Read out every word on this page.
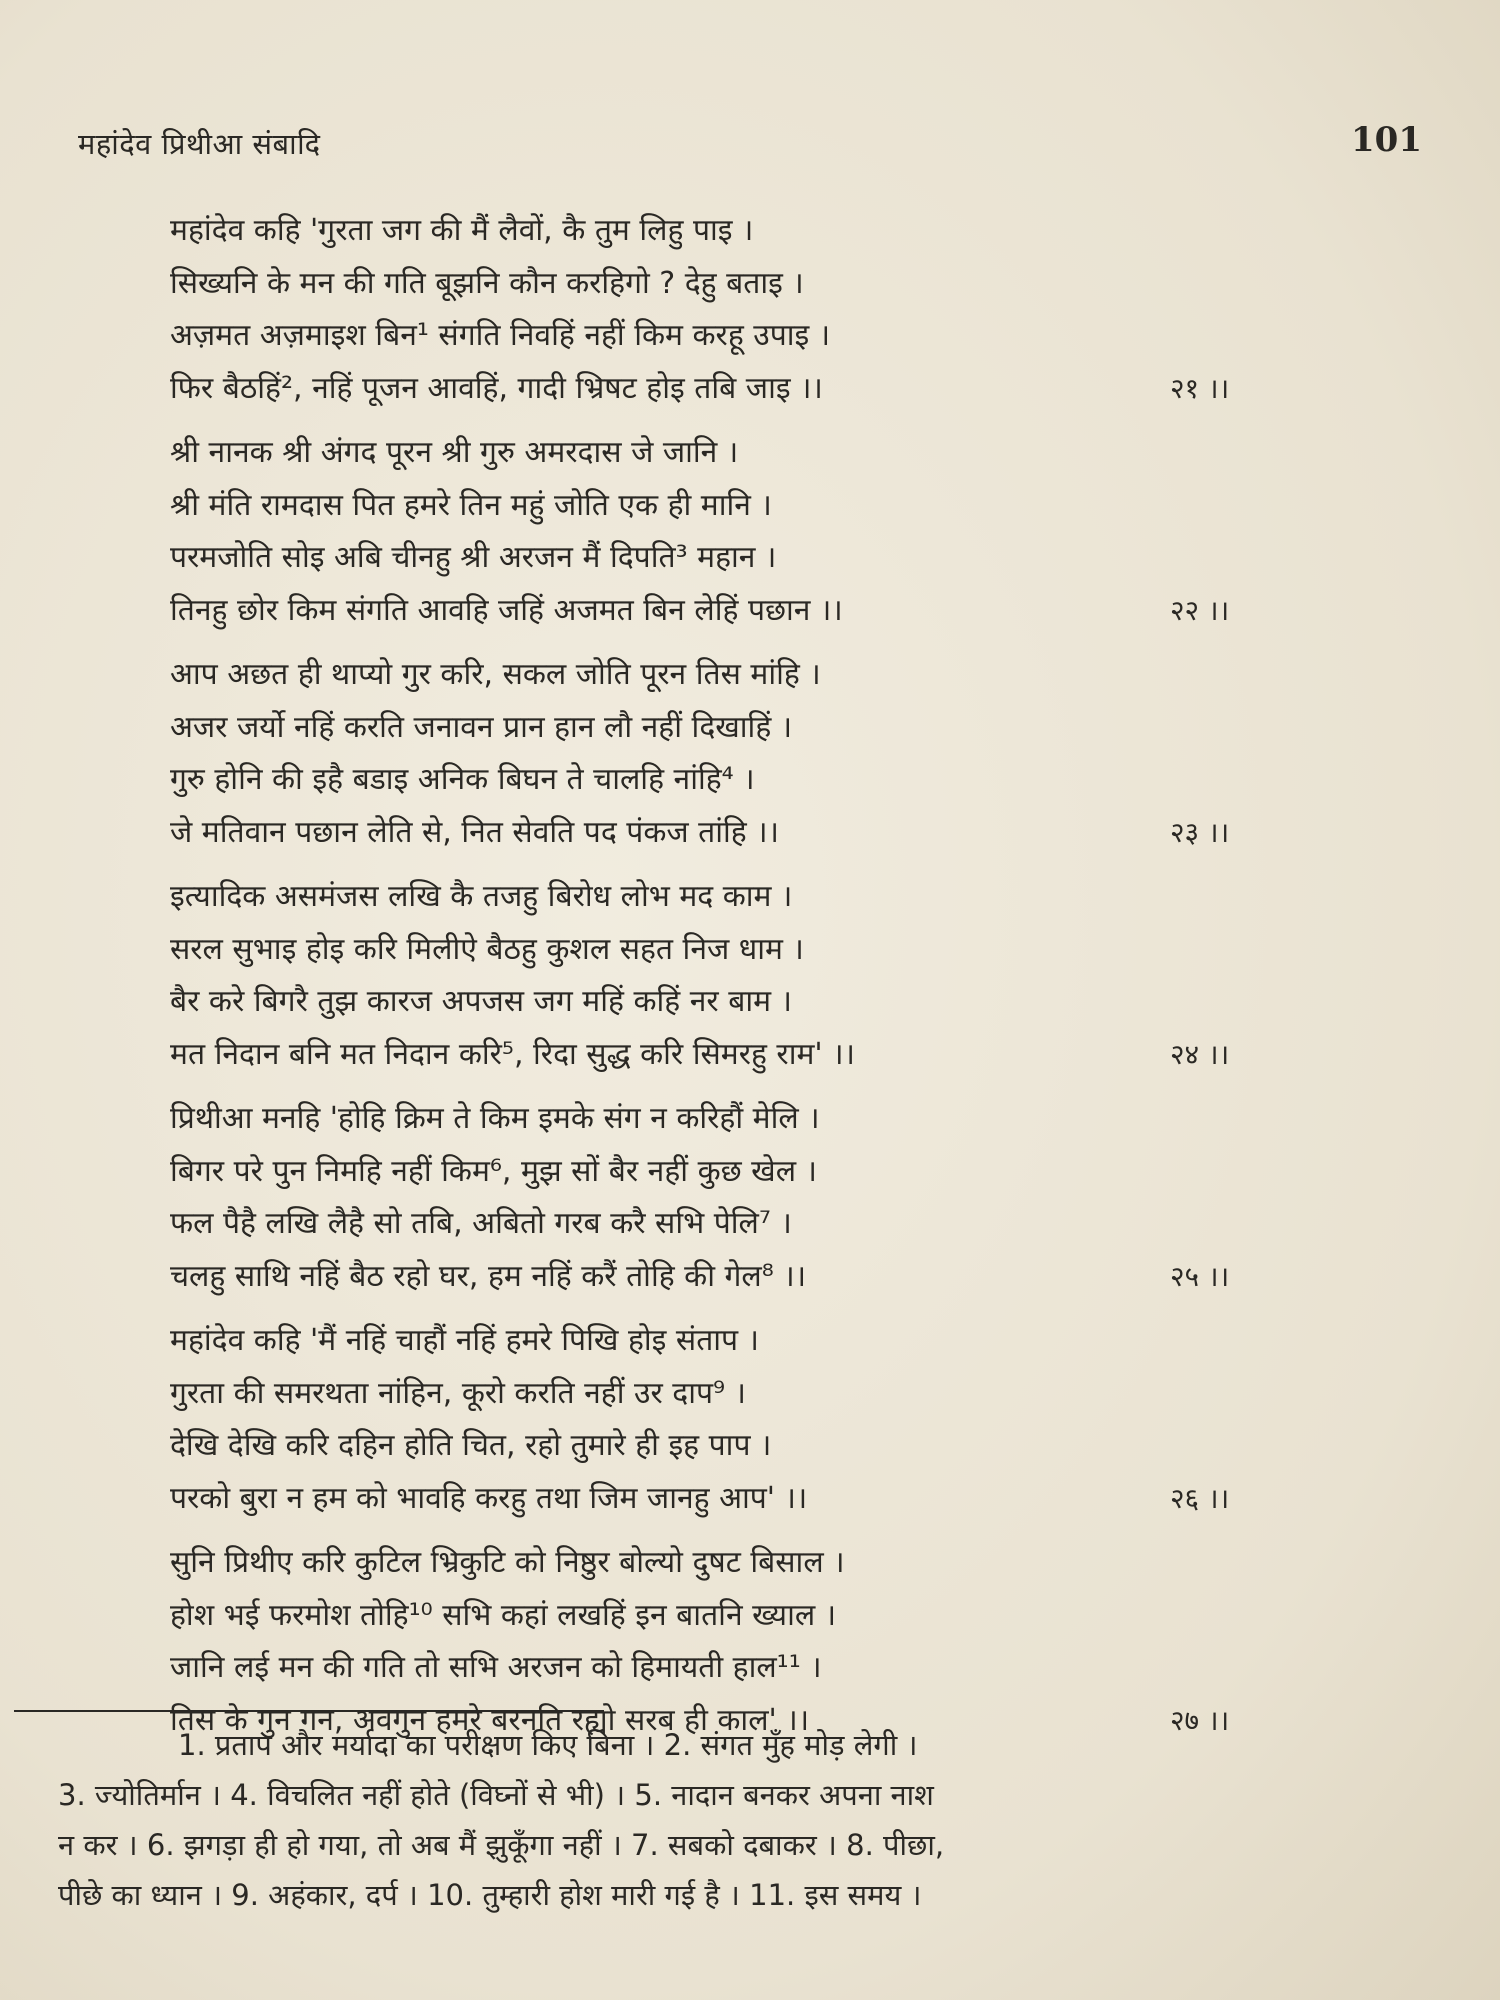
महांदेव प्रिथीआ संबादि	101
महांदेव कहि 'गुरता जग की मैं लैवों, कै तुम लिहु पाइ ।
सिख्यनि के मन की गति बूझनि कौन करहिगो ? देहु बताइ ।
अज़मत अज़माइश बिन¹ संगति निवहिं नहीं किम करहू उपाइ ।
फिर बैठहिं², नहिं पूजन आवहिं, गादी भ्रिषट होइ तबि जाइ ।।	२१ ।।
श्री नानक श्री अंगद पूरन श्री गुरु अमरदास जे जानि ।
श्री मंति रामदास पित हमरे तिन महुं जोति एक ही मानि ।
परमजोति सोइ अबि चीनहु श्री अरजन मैं दिपति³ महान ।
तिनहु छोर किम संगति आवहि जहिं अजमत बिन लेहिं पछान ।।	२२ ।।
आप अछत ही थाप्यो गुर करि, सकल जोति पूरन तिस मांहि ।
अजर जर्यो नहिं करति जनावन प्रान हान लौ नहीं दिखाहिं ।
गुरु होनि की इहै बडाइ अनिक बिघन ते चालहि नांहि⁴ ।
जे मतिवान पछान लेति से, नित सेवति पद पंकज तांहि ।।	२३ ।।
इत्यादिक असमंजस लखि कै तजहु बिरोध लोभ मद काम ।
सरल सुभाइ होइ करि मिलीऐ बैठहु कुशल सहत निज धाम ।
बैर करे बिगरै तुझ कारज अपजस जग महिं कहिं नर बाम ।
मत निदान बनि मत निदान करि⁵, रिदा सुद्ध करि सिमरहु राम' ।।	२४ ।।
प्रिथीआ मनहि 'होहि क्रिम ते किम इमके संग न करिहौं मेलि ।
बिगर परे पुन निमहि नहीं किम⁶, मुझ सों बैर नहीं कुछ खेल ।
फल पैहै लखि लैहै सो तबि, अबितो गरब करै सभि पेलि⁷ ।
चलहु साथि नहिं बैठ रहो घर, हम नहिं करैं तोहि की गेल⁸ ।।	२५ ।।
महांदेव कहि 'मैं नहिं चाहौं नहिं हमरे पिखि होइ संताप ।
गुरता की समरथता नांहिन, कूरो करति नहीं उर दाप⁹ ।
देखि देखि करि दहिन होति चित, रहो तुमारे ही इह पाप ।
परको बुरा न हम को भावहि करहु तथा जिम जानहु आप' ।।	२६ ।।
सुनि प्रिथीए करि कुटिल भ्रिकुटि को निष्ठुर बोल्यो दुषट बिसाल ।
होश भई फरमोश तोहि¹⁰ सभि कहां लखहिं इन बातनि ख्याल ।
जानि लई मन की गति तो सभि अरजन को हिमायती हाल¹¹ ।
तिस के गुन गन, अवगुन हमरे बरनति रह्यो सरब ही काल' ।।	२७ ।।
1. प्रताप और मर्यादा का परीक्षण किए बिना । 2. संगत मुँह मोड़ लेगी ।
3. ज्योतिर्मान । 4. विचलित नहीं होते (विघ्नों से भी) । 5. नादान बनकर अपना नाश
न कर । 6. झगड़ा ही हो गया, तो अब मैं झुकूँगा नहीं । 7. सबको दबाकर । 8. पीछा,
पीछे का ध्यान । 9. अहंकार, दर्प । 10. तुम्हारी होश मारी गई है । 11. इस समय ।
